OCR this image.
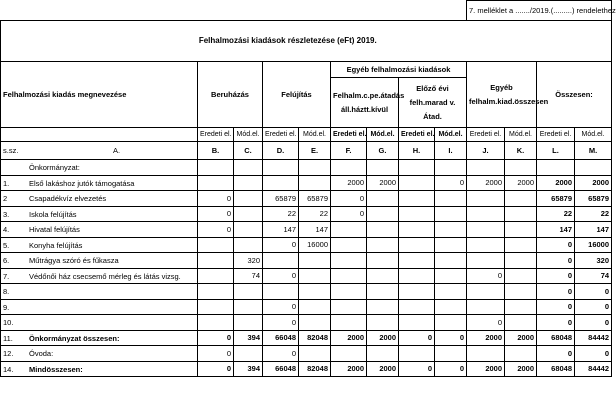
									7. melléklet a ......./2019.(.........) rendelethez			
Felhalmozási kiadások részletezése (eFt) 2019.												
Felhalmozási kiadás megnevezése	Beruházás		Felújítás		Egyéb felhalmozási kiadások				Egyéb felhalm.kiad.összesen		Összesen:	
					Felhalm.c.pe.átadás áll.háztt.kívül		Előző évi felh.marad v. Átad.					

	Eredeti el.	Mód.el.	Eredeti el.	Mód.el.	Eredeti el.	Mód.el.	Eredeti el.	Mód.el.	Eredeti el.	Mód.el.	Eredeti el.	Mód.el.

s.sz. A.	B.	C.	D.	E.	F.	G.	H.	I.	J.	K.	L.	M.

Önkormányzat:												

1. Első lakáshoz jutók támogatása					2000	2000		0	2000	2000	2000	2000

2 Csapadékvíz elvezetés	0		65879	65879	0						65879	65879

3. Iskola felújítás	0		22	22	0						22	22

4. Hivatal felújítás	0		147	147							147	147

5. Konyha felújítás			0	16000							0	16000

6. Műtrágya szóró és fűkasza		320									0	320

7. Védőnői ház csecsemő mérleg és látás vizsg.		74	0						0		0	74

8.											0	0

9.			0								0	0

10.			0						0		0	0

11. Önkormányzat összesen:	0	394	66048	82048	2000	2000	0	0	2000	2000	68048	84442

12. Óvoda:	0		0								0	0

14. Mindösszesen:	0	394	66048	82048	2000	2000	0	0	2000	2000	68048	84442
